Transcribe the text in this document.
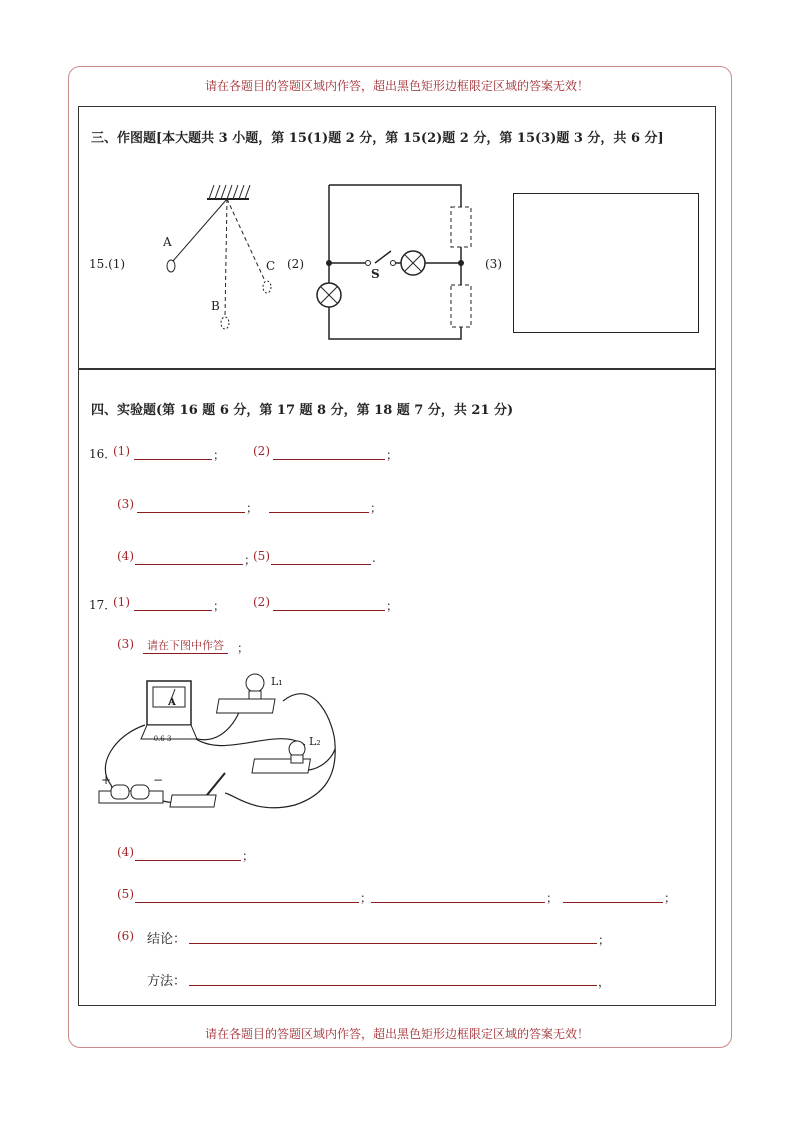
请在各题目的答题区域内作答，超出黑色矩形边框限定区域的答案无效！
请在各题目的答题区域内作答，超出黑色矩形边框限定区域的答案无效！
三、作图题[本大题共 3 小题，第 15(1)题 2 分，第 15(2)题 2 分，第 15(3)题 3 分，共 6 分]
15.(1)
A
B
C (2)
S
(3)
四、实验题(第 16 题 6 分，第 17 题 8 分，第 18 题 7 分，共 21 分)
16．
(1)	； (2)	；
(3)	；	；
(4)	；
(5)	.
17．
(1)	； (2)	；
(3)	请在下图中作答	；
A
- 0.6 3
L₁
L₂
+	−
(4)	；
(5)	；	；	；
(6) 结论：	；
方法：	，
